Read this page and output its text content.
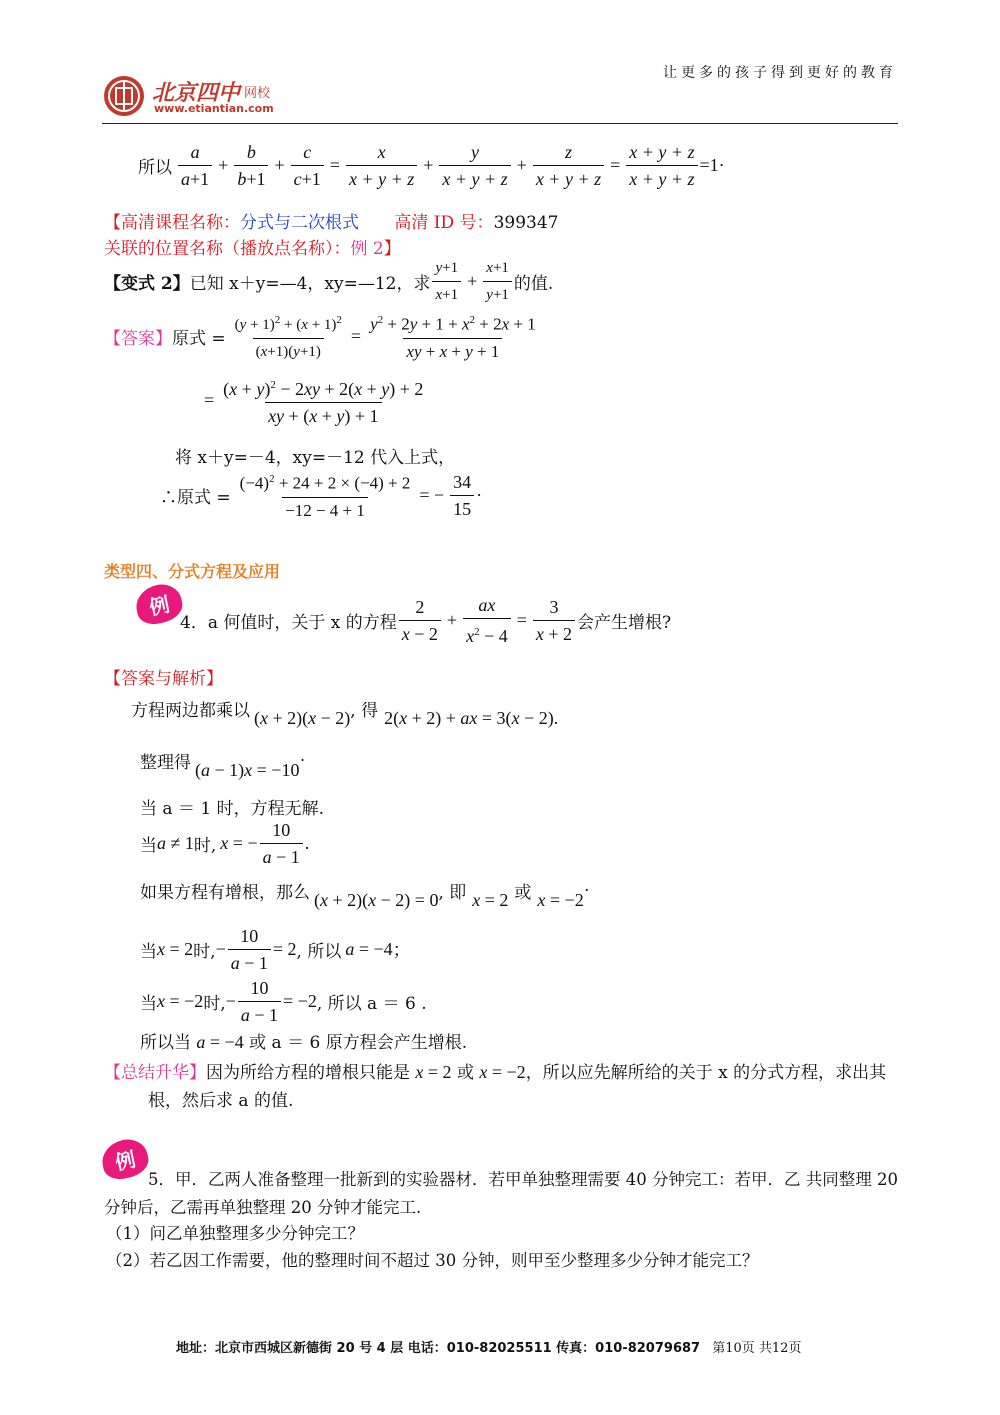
让更多的孩子得到更好的教育
北京四中 网校
www.etiantian.com
所以 $\frac{a}{a+1} + \frac{b}{b+1} + \frac{c}{c+1} = \frac{x}{x + y + z} + \frac{y}{x + y + z} + \frac{z}{x + y + z} = \frac{x + y + z}{x + y + z} =1\cdot$
【高清课程名称：分式与二次根式 高清 ID 号：399347
关联的位置名称（播放点名称）：例 2】
【变式 2】 已知 x＋y=—4，xy=—12，求 $\frac{y+1}{x+1} + \frac{x+1}{y+1}$ 的值.
【答案】 原式 = $\frac{(y + 1)^2 + (x + 1)^2}{(x+1)(y+1)} = \frac{y^2 + 2y + 1 + x^2 + 2x + 1}{xy + x + y + 1}$
= $\frac{(x + y)^2 - 2xy + 2(x + y) + 2}{xy + (x + y) + 1}$
将 x＋y=－4，xy=－12 代入上式，
∴原式 = $\frac{(-4)^2 + 24 + 2 \times (-4) + 2}{-12 - 4 + 1}$ = − $\frac{34}{15}$ ·
类型四、分式方程及应用
例
4．a 何值时，关于 x 的方程 $\frac{2}{x - 2} + \frac{ax}{x^2 - 4} = \frac{3}{x + 2}$ 会产生增根?
【答案与解析】
方程两边都乘以 (x + 2)(x − 2) , 得 2(x + 2) + ax = 3(x − 2).
整理得 (a − 1)x = −10 ·
当 a ＝ 1 时，方程无解.
当 a ≠ 1 时, x = − $\frac{10}{a - 1}$ .
如果方程有增根，那么 (x + 2)(x − 2) = 0 , 即 x = 2 或 x = −2 ·
当 x = 2 时, − $\frac{10}{a - 1} = 2$ , 所以 a = −4 ；
当 x = −2 时, − $\frac{10}{a - 1} = -2$ , 所以 a ＝ 6 .
所以当 a = −4 或 a ＝ 6 原方程会产生增根.
【总结升华】因为所给方程的增根只能是 x = 2 或 x = −2，所以应先解所给的关于 x 的分式方程，求出其
根，然后求 a 的值.
例
5．甲．乙两人准备整理一批新到的实验器材．若甲单独整理需要 40 分钟完工：若甲．乙 共同整理 20
分钟后，乙需再单独整理 20 分钟才能完工.
（1）问乙单独整理多少分钟完工？
（2）若乙因工作需要，他的整理时间不超过 30 分钟，则甲至少整理多少分钟才能完工？
地址：北京市西城区新德街 20 号 4 层 电话：010-82025511 传真：010-82079687 第10页 共12页
